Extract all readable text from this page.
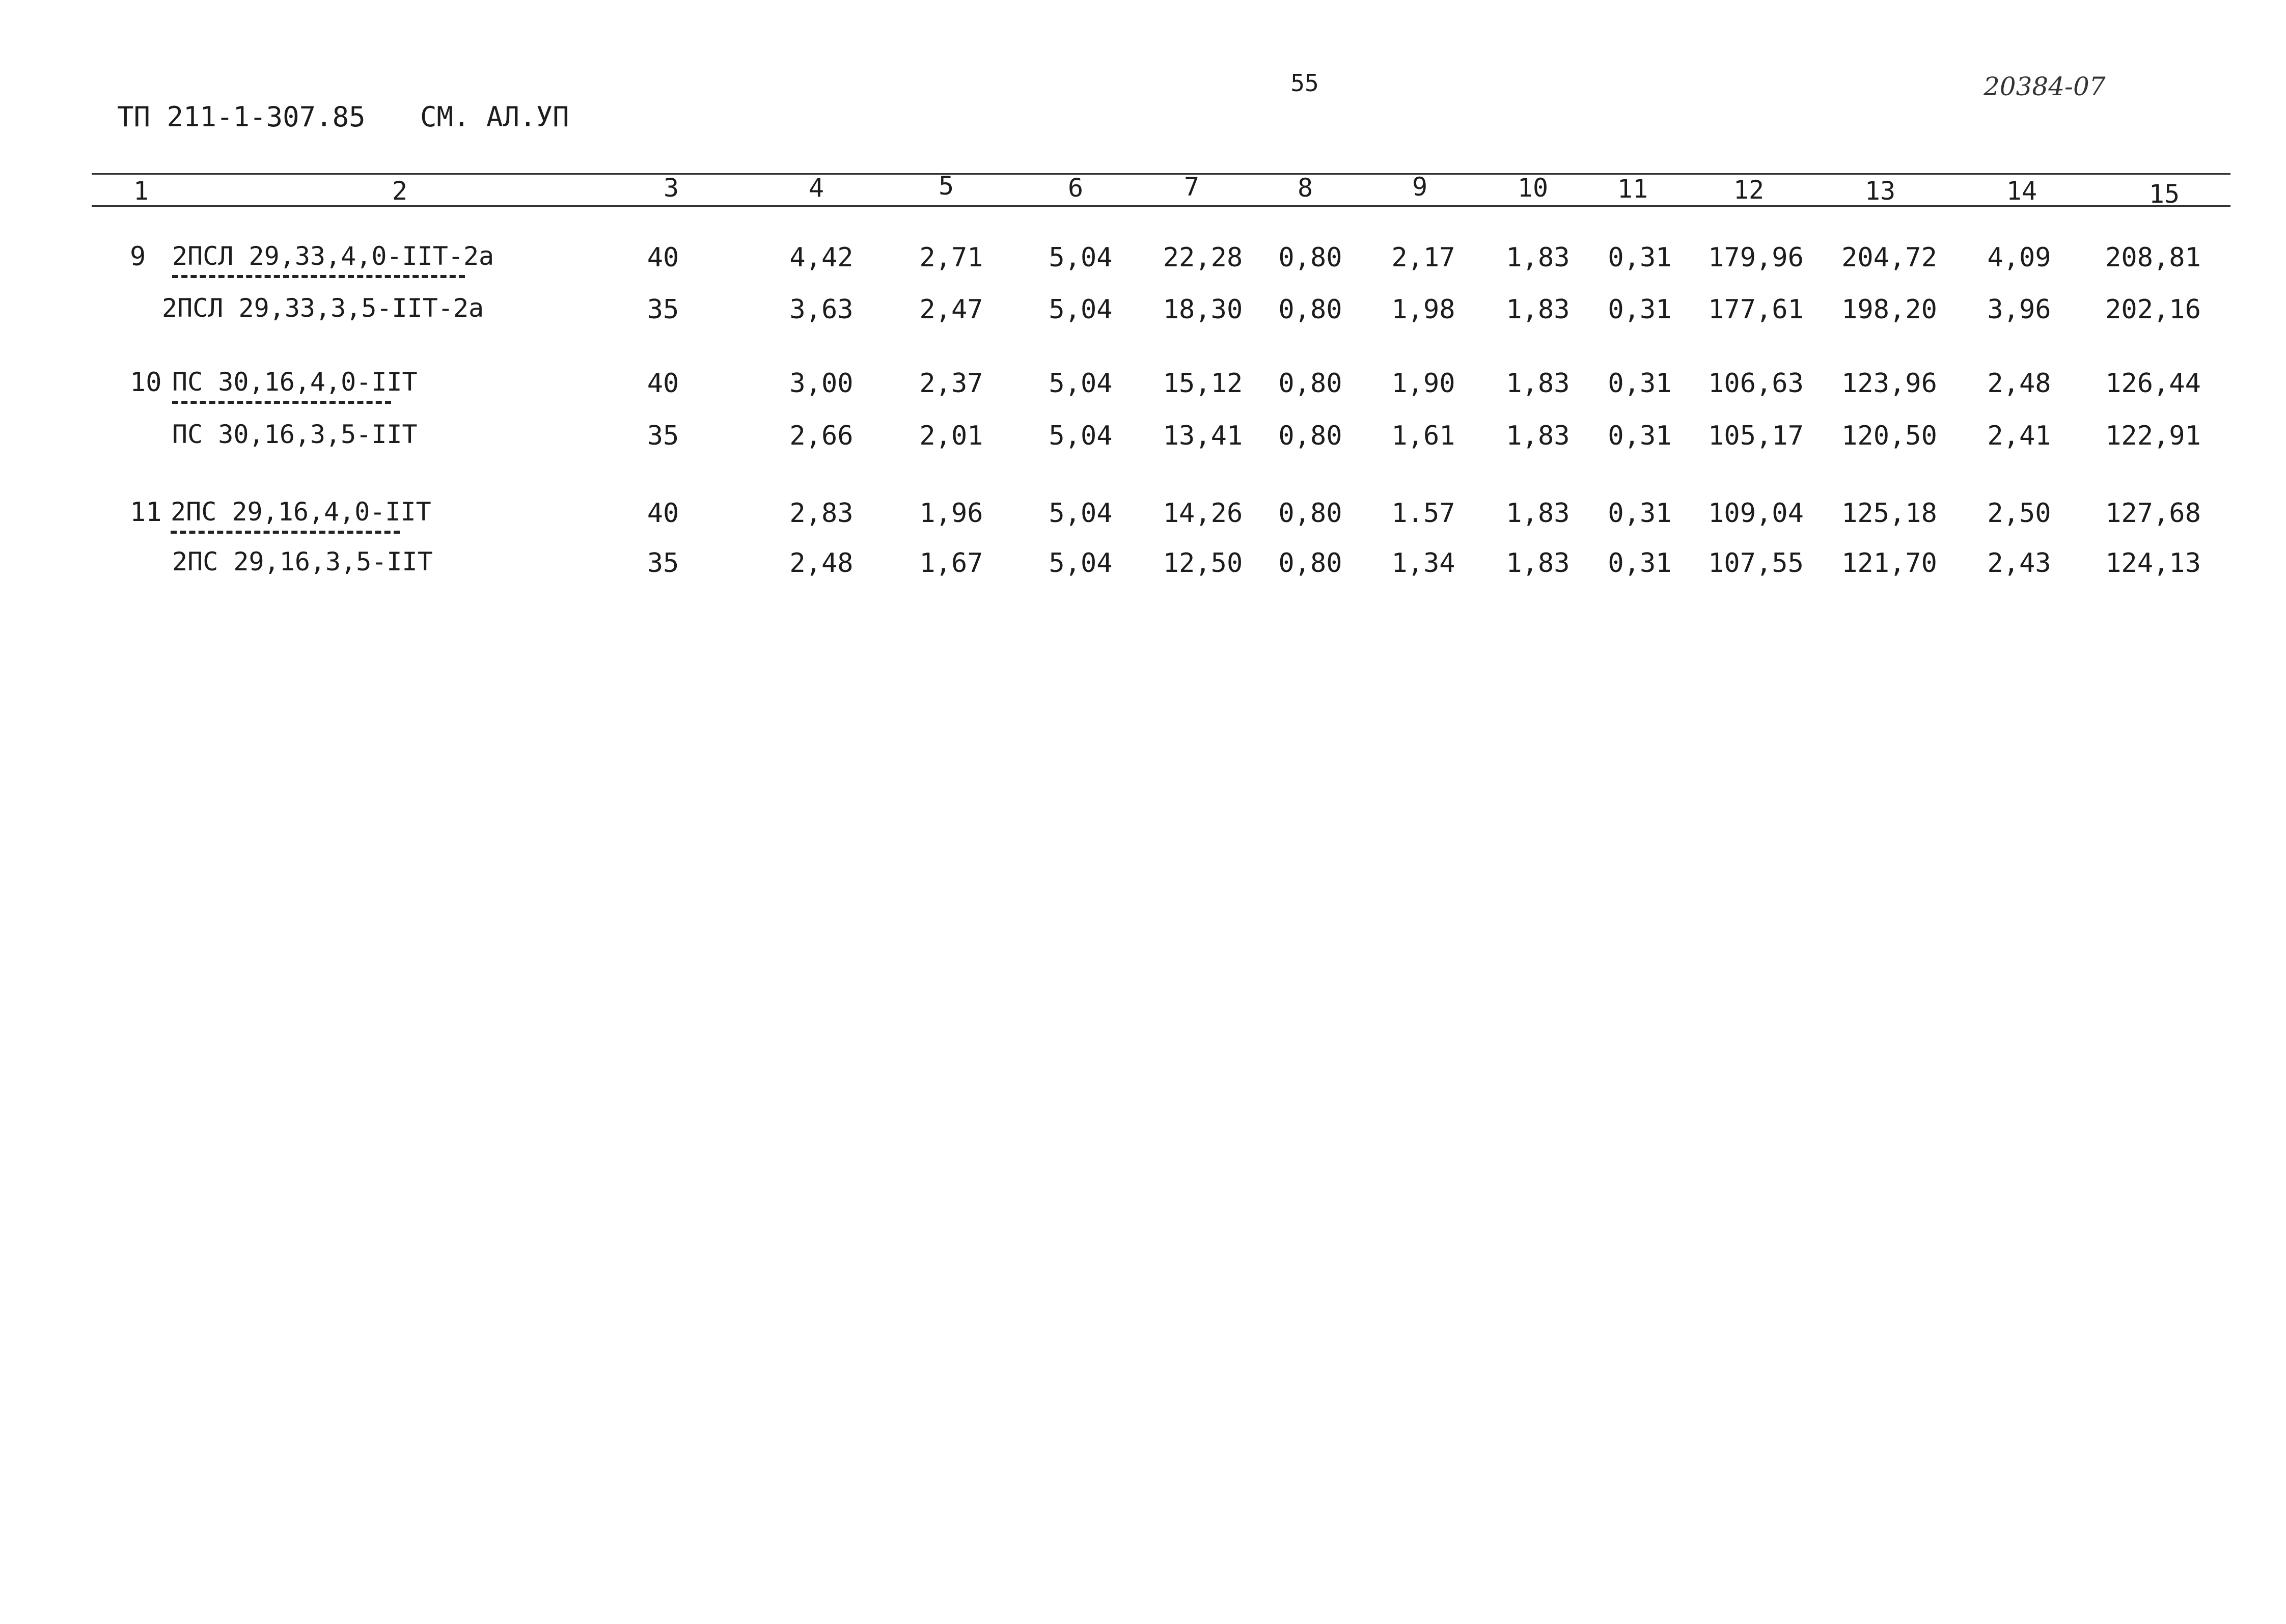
ТП 211-1-307.85 СМ. АЛ.УП
55	20384-07
1	2	3	4	5	6	7	8	9	10	11	12	13	14	15
9 2ПСЛ 29,33,4,0-IIТ-2а	40	4,42 2,71 5,04 22,28 0,80 2,17 1,83 0,31 179,96 204,72 4,09 208,81
2ПСЛ 29,33,3,5-IIТ-2а	35	3,63 2,47 5,04 18,30 0,80 1,98 1,83 0,31 177,61 198,20 3,96 202,16
10 ПС 30,16,4,0-IIТ	40	3,00 2,37 5,04 15,12 0,80 1,90 1,83 0,31 106,63 123,96 2,48 126,44
ПС 30,16,3,5-IIТ	35	2,66 2,01 5,04 13,41 0,80 1,61 1,83 0,31 105,17 120,50 2,41 122,91
11 2ПС 29,16,4,0-IIТ	40	2,83 1,96 5,04 14,26 0,80 1.57 1,83 0,31 109,04 125,18 2,50 127,68
2ПС 29,16,3,5-IIТ	35	2,48 1,67 5,04 12,50 0,80 1,34 1,83 0,31 107,55 121,70 2,43 124,13
